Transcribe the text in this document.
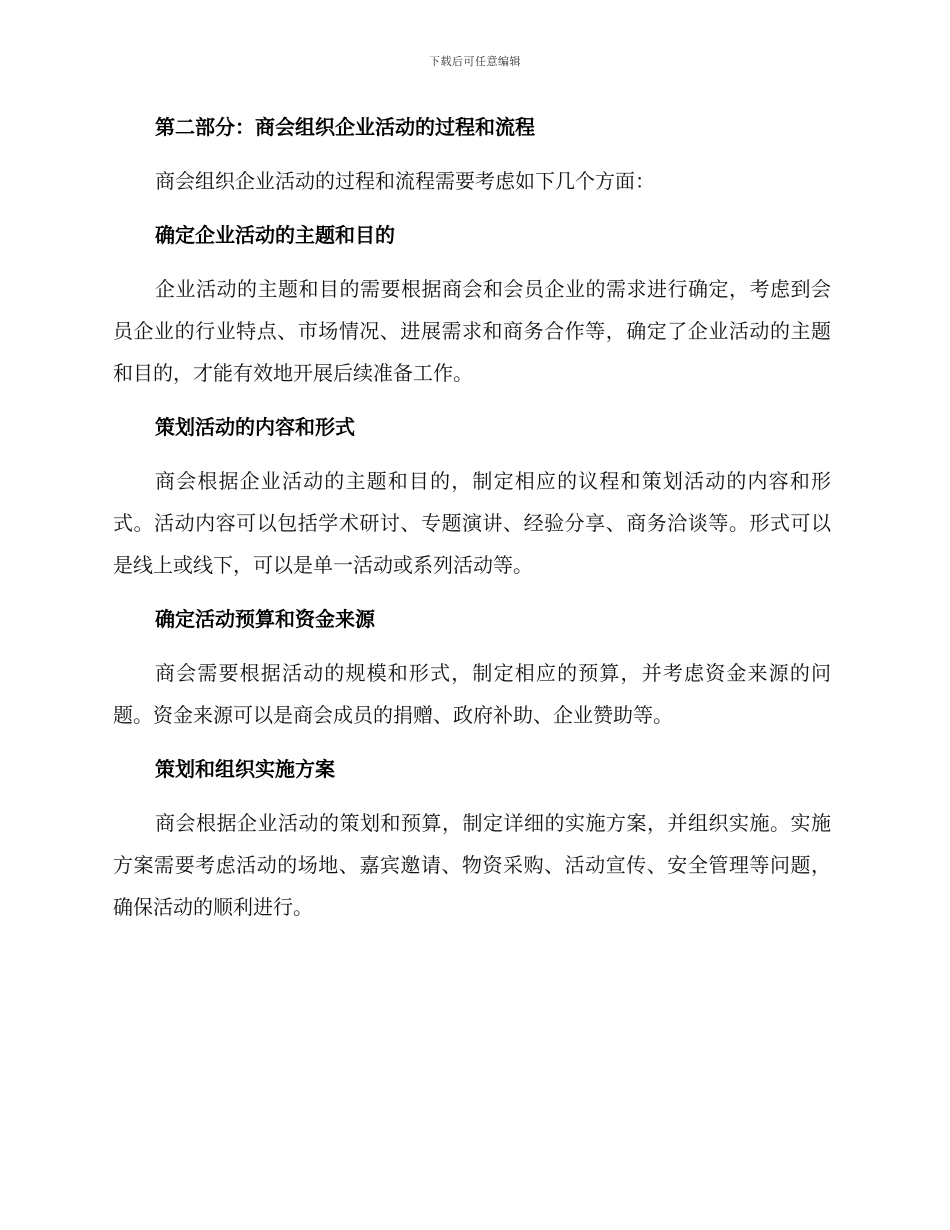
下载后可任意编辑
第二部分：商会组织企业活动的过程和流程

商会组织企业活动的过程和流程需要考虑如下几个方面：

确定企业活动的主题和目的

企业活动的主题和目的需要根据商会和会员企业的需求进行确定，考虑到会员企业的行业特点、市场情况、进展需求和商务合作等，确定了企业活动的主题和目的，才能有效地开展后续准备工作。

策划活动的内容和形式

商会根据企业活动的主题和目的，制定相应的议程和策划活动的内容和形式。活动内容可以包括学术研讨、专题演讲、经验分享、商务洽谈等。形式可以是线上或线下，可以是单一活动或系列活动等。

确定活动预算和资金来源

商会需要根据活动的规模和形式，制定相应的预算，并考虑资金来源的问题。资金来源可以是商会成员的捐赠、政府补助、企业赞助等。

策划和组织实施方案

商会根据企业活动的策划和预算，制定详细的实施方案，并组织实施。实施方案需要考虑活动的场地、嘉宾邀请、物资采购、活动宣传、安全管理等问题，确保活动的顺利进行。
